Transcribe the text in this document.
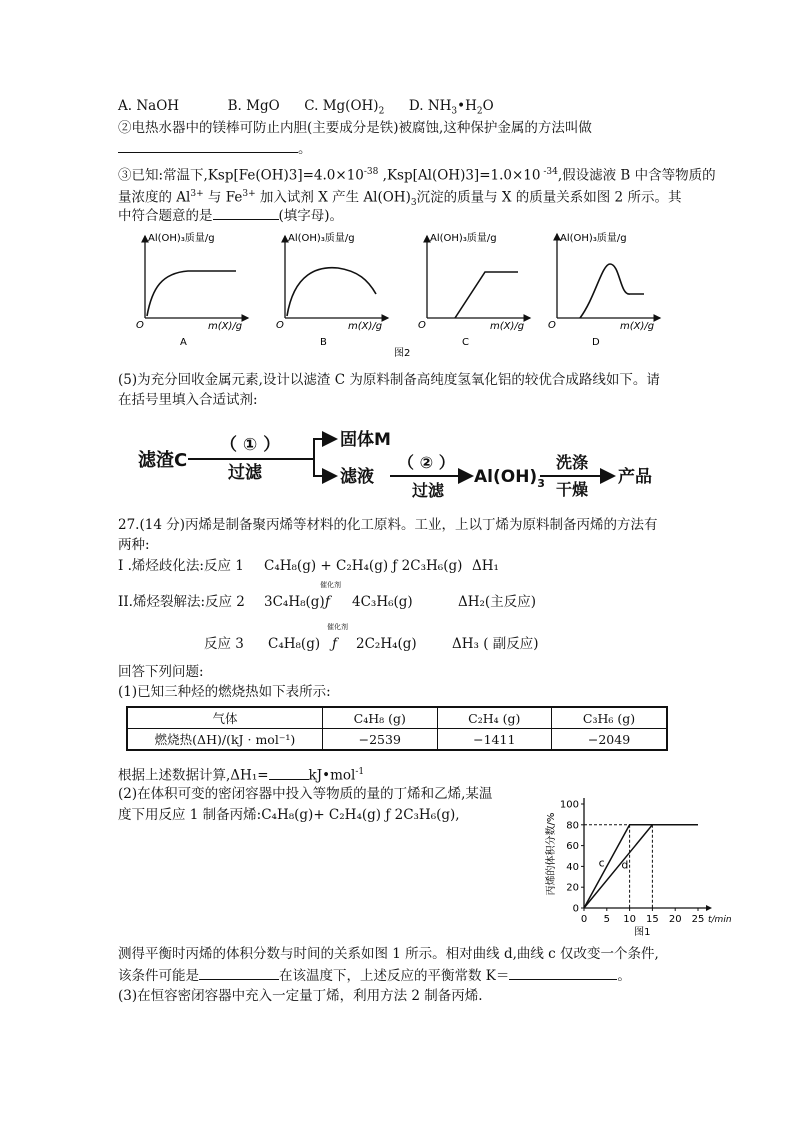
A. NaOH	B. MgO C. $Mg(OH)_2$ D. $NH_3•H_2O$
②电热水器中的镁棒可防止内胆(主要成分是铁)被腐蚀,这种保护金属的方法叫做
。
③已知:常温下$,Ksp[Fe(OH)3]=4.0\times 10^{-38}$ ,Ksp[Al(OH)3]=1.0×10 $^{-34}$,假设滤液 B 中含等物质的
量浓度的 $Al^{3+}$ 与 $Fe^{3+}$ 加入试剂 X 产生 $Al(OH)_3$沉淀的质量与 X 的质量关系如图 2 所示。其
中符合题意的是	(填字母)。
Al(OH)₃质量/g
O	m(X)/g
A
Al(OH)₃质量/g
O	m(X)/g
B
Al(OH)₃质量/g
O	m(X)/g
C
Al(OH)₃质量/g
O	m(X)/g
D
图2
(5)为充分回收金属元素,设计以滤渣 C 为原料制备高纯度氢氧化铝的较优合成路线如下。请
在括号里填入合适试剂:
滤渣C
（ ① ）
过滤
固体M
滤液
（ ② ）
过滤
$Al(OH)_3$
洗涤
干燥
产品
27.(14 分)丙烯是制备聚丙烯等材料的化工原料。工业，上以丁烯为原料制备丙烯的方法有
两种:
I .烯烃歧化法:反应 1 C₄H₈(g) + C₂H₄(g) ƒ 2C₃H₆(g) ΔH₁
II.烯烃裂解法:反应 2 3C₄H₈(g)
催化剂
ƒ 4C₃H₆(g)	ΔH₂(主反应)
反应 3 C₄H₈(g)
催化剂
ƒ 2C₂H₄(g)	ΔH₃ ( 副反应)
回答下列问题:
(1)已知三种烃的燃烧热如下表所示:
气体	C₄H₈ (g)	C₂H₄ (g)	C₃H₆ (g)
燃烧热(ΔH)/(kJ · mol⁻¹)	−2539	−1411	−2049
根据上述数据计算,ΔH₁=	kJ•mol$^{-1}$
(2)在体积可变的密闭容器中投入等物质的量的丁烯和乙烯,某温
度下用反应 1 制备丙烯:C₄H₈(g)+ C₂H₄(g) ƒ 2C₃H₆(g),
0
20
40
60
80
100
0 5 10 15 20 25
c d
丙烯的体积分数/%
t/min
图1
测得平衡时丙烯的体积分数与时间的关系如图 1 所示。相对曲线 d,曲线 c 仅改变一个条件,
该条件可能是	在该温度下，上述反应的平衡常数 K＝	。
(3)在恒容密闭容器中充入一定量丁烯，利用方法 2 制备丙烯.
